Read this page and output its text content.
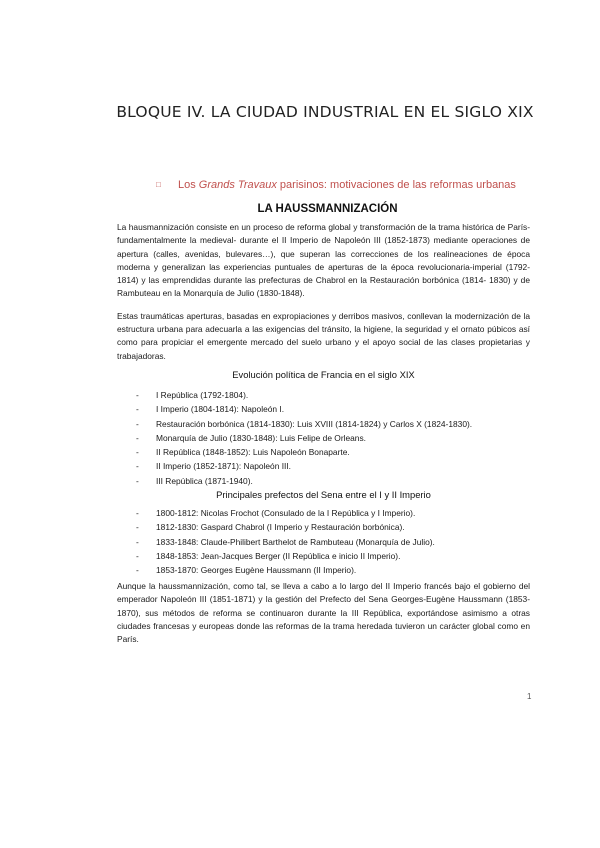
BLOQUE IV. LA CIUDAD INDUSTRIAL EN EL SIGLO XIX
□ Los Grands Travaux parisinos: motivaciones de las reformas urbanas
LA HAUSSMANNIZACIÓN

La hausmannización consiste en un proceso de reforma global y transformación de la trama histórica de París- fundamentalmente la medieval- durante el II Imperio de Napoleón III (1852-1873) mediante operaciones de apertura (calles, avenidas, bulevares…), que superan las correcciones de los realineaciones de época moderna y generalizan las experiencias puntuales de aperturas de la época revolucionaria-imperial (1792-1814) y las emprendidas durante las prefecturas de Chabrol en la Restauración borbónica (1814- 1830) y de Rambuteau en la Monarquía de Julio (1830-1848).

Estas traumáticas aperturas, basadas en expropiaciones y derribos masivos, conllevan la modernización de la estructura urbana para adecuarla a las exigencias del tránsito, la higiene, la seguridad y el ornato púbicos así como para propiciar el emergente mercado del suelo urbano y el apoyo social de las clases propietarias y trabajadoras.

Evolución política de Francia en el siglo XIX
- I República (1792-1804).
- I Imperio (1804-1814): Napoleón I.
- Restauración borbónica (1814-1830): Luis XVIII (1814-1824) y Carlos X (1824-1830).
- Monarquía de Julio (1830-1848): Luis Felipe de Orleans.
- II República (1848-1852): Luis Napoleón Bonaparte.
- II Imperio (1852-1871): Napoleón III.
- III República (1871-1940).
Principales prefectos del Sena entre el I y II Imperio
- 1800-1812: Nicolas Frochot (Consulado de la I República y I Imperio).
- 1812-1830: Gaspard Chabrol (I Imperio y Restauración borbónica).
- 1833-1848: Claude-Philibert Barthelot de Rambuteau (Monarquía de Julio).
- 1848-1853: Jean-Jacques Berger (II República e inicio II Imperio).
- 1853-1870: Georges Eugène Haussmann (II Imperio).

Aunque la haussmannización, como tal, se lleva a cabo a lo largo del II Imperio francés bajo el gobierno del emperador Napoleón III (1851-1871) y la gestión del Prefecto del Sena Georges-Eugène Haussmann (1853- 1870), sus métodos de reforma se continuaron durante la III República, exportándose asimismo a otras ciudades francesas y europeas donde las reformas de la trama heredada tuvieron un carácter global como en París.

1
